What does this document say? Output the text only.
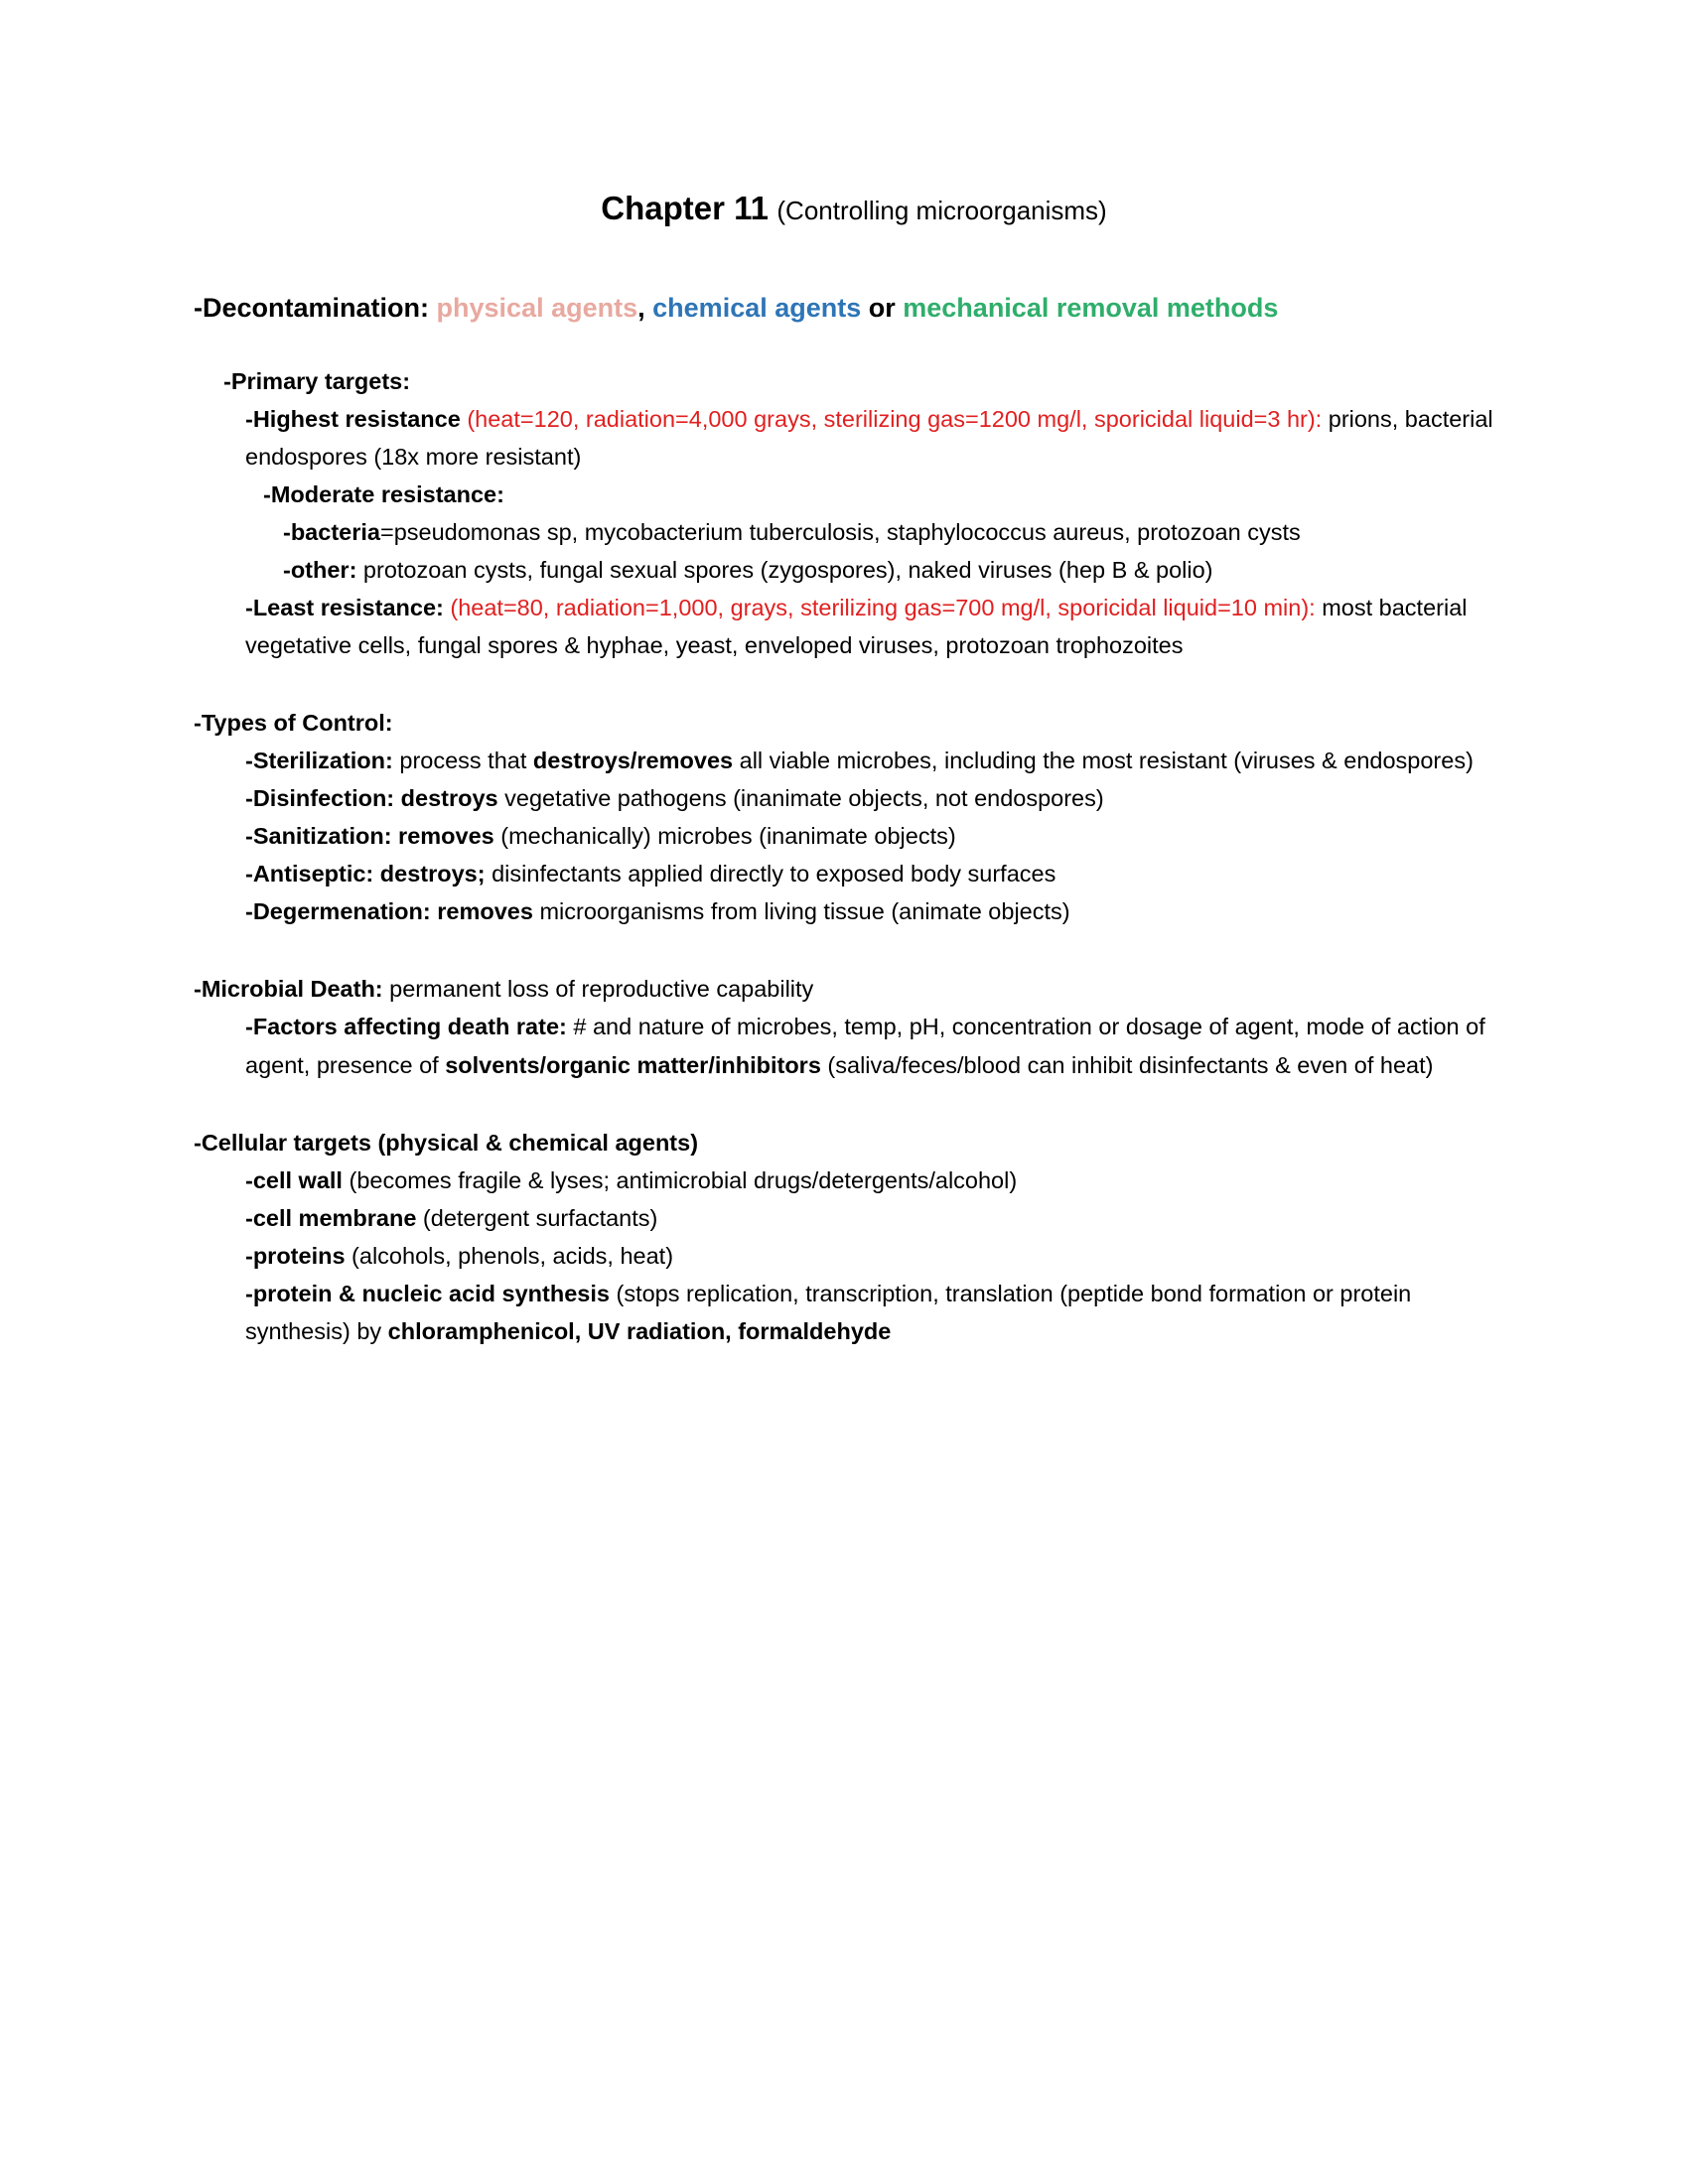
Chapter 11 (Controlling microorganisms)

-Decontamination: physical agents, chemical agents or mechanical removal methods

-Primary targets:

-Highest resistance (heat=120, radiation=4,000 grays, sterilizing gas=1200 mg/l, sporicidal liquid=3 hr): prions, bacterial endospores (18x more resistant)

-Moderate resistance:

-bacteria=pseudomonas sp, mycobacterium tuberculosis, staphylococcus aureus, protozoan cysts

-other: protozoan cysts, fungal sexual spores (zygospores), naked viruses (hep B & polio)

-Least resistance: (heat=80, radiation=1,000, grays, sterilizing gas=700 mg/l, sporicidal liquid=10 min): most bacterial vegetative cells, fungal spores & hyphae, yeast, enveloped viruses, protozoan trophozoites

-Types of Control:

-Sterilization: process that destroys/removes all viable microbes, including the most resistant (viruses & endospores)

-Disinfection: destroys vegetative pathogens (inanimate objects, not endospores)

-Sanitization: removes (mechanically) microbes (inanimate objects)

-Antiseptic: destroys; disinfectants applied directly to exposed body surfaces

-Degermenation: removes microorganisms from living tissue (animate objects)

-Microbial Death: permanent loss of reproductive capability

-Factors affecting death rate: # and nature of microbes, temp, pH, concentration or dosage of agent, mode of action of agent, presence of solvents/organic matter/inhibitors (saliva/feces/blood can inhibit disinfectants & even of heat)

-Cellular targets (physical & chemical agents)

-cell wall (becomes fragile & lyses; antimicrobial drugs/detergents/alcohol)

-cell membrane (detergent surfactants)

-proteins (alcohols, phenols, acids, heat)

-protein & nucleic acid synthesis (stops replication, transcription, translation (peptide bond formation or protein synthesis) by chloramphenicol, UV radiation, formaldehyde
